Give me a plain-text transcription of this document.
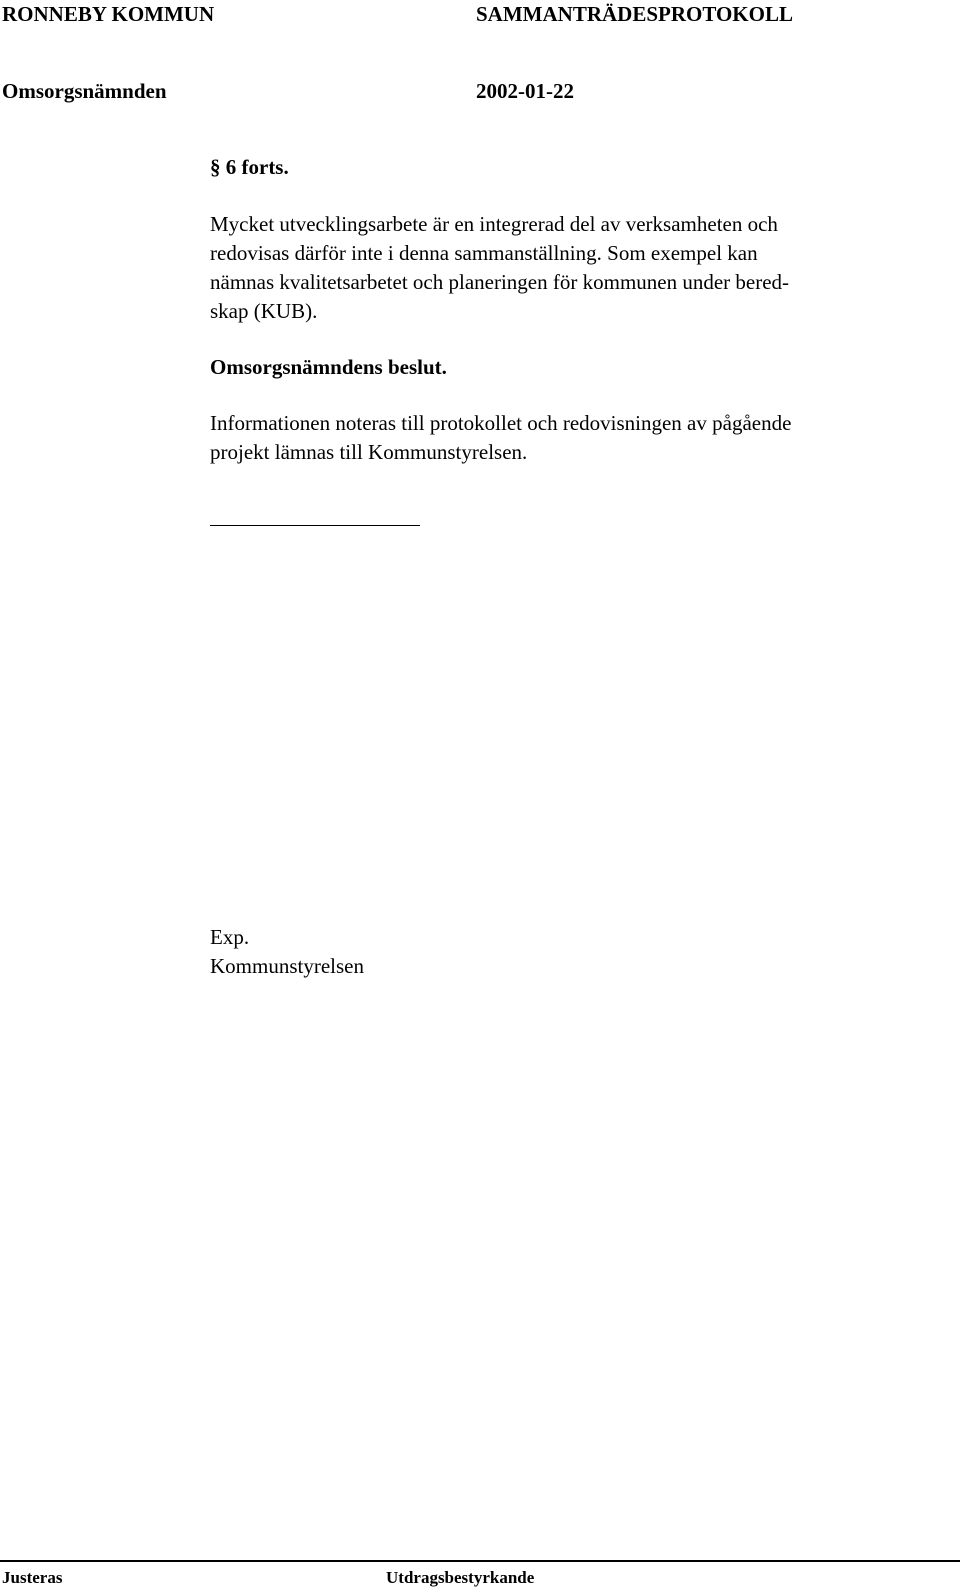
RONNEBY KOMMUN	SAMMANTRÄDESPROTOKOLL
Omsorgsnämnden	2002-01-22
§ 6 forts.
Mycket utvecklingsarbete är en integrerad del av verksamheten och
redovisas därför inte i denna sammanställning. Som exempel kan
nämnas kvalitetsarbetet och planeringen för kommunen under bered-
skap (KUB).
Omsorgsnämndens beslut.
Informationen noteras till protokollet och redovisningen av pågående
projekt lämnas till Kommunstyrelsen.
Exp.
Kommunstyrelsen
Justeras	Utdragsbestyrkande
